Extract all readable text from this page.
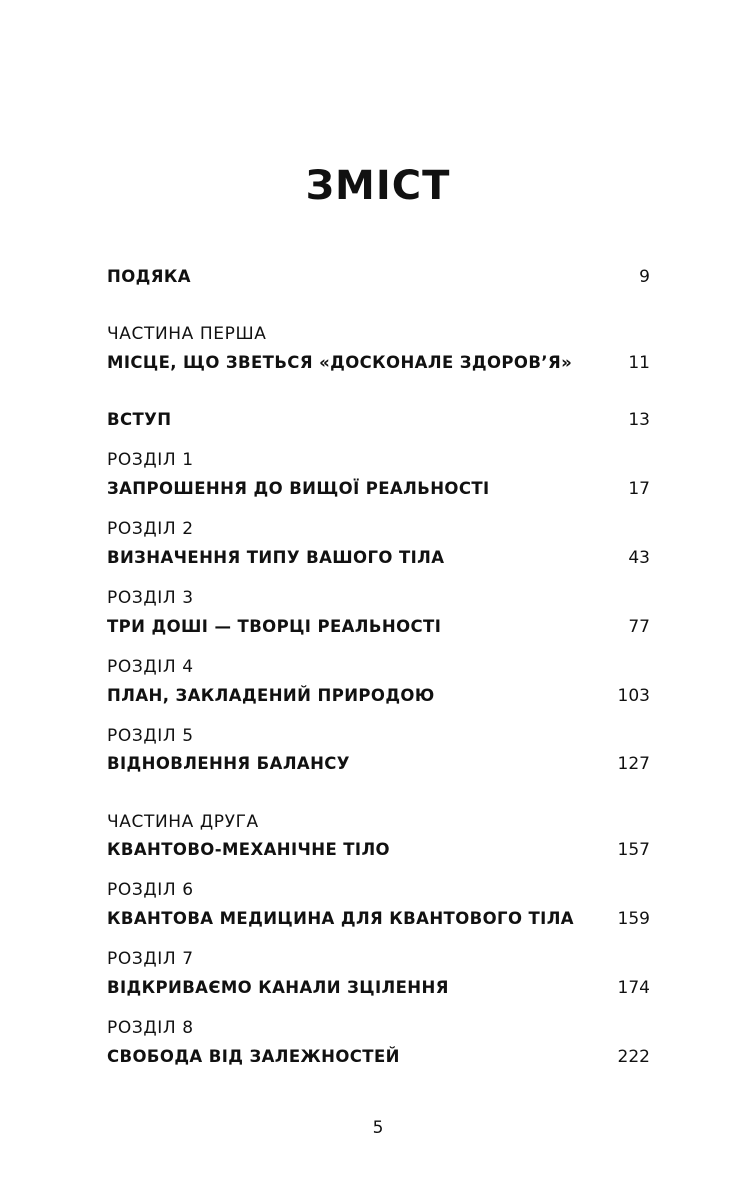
ЗМІСТ
ПОДЯКА	9
ЧАСТИНА ПЕРША
МІСЦЕ, ЩО ЗВЕТЬСЯ «ДОСКОНАЛЕ ЗДОРОВ’Я»	11
ВСТУП	13
РОЗДІЛ 1
ЗАПРОШЕННЯ ДО ВИЩОЇ РЕАЛЬНОСТІ	17
РОЗДІЛ 2
ВИЗНАЧЕННЯ ТИПУ ВАШОГО ТІЛА	43
РОЗДІЛ 3
ТРИ ДОШІ — ТВОРЦІ РЕАЛЬНОСТІ	77
РОЗДІЛ 4
ПЛАН, ЗАКЛАДЕНИЙ ПРИРОДОЮ	103
РОЗДІЛ 5
ВІДНОВЛЕННЯ БАЛАНСУ	127
ЧАСТИНА ДРУГА
КВАНТОВО-МЕХАНІЧНЕ ТІЛО	157
РОЗДІЛ 6
КВАНТОВА МЕДИЦИНА ДЛЯ КВАНТОВОГО ТІЛА	159
РОЗДІЛ 7
ВІДКРИВАЄМО КАНАЛИ ЗЦІЛЕННЯ	174
РОЗДІЛ 8
СВОБОДА ВІД ЗАЛЕЖНОСТЕЙ	222
5
